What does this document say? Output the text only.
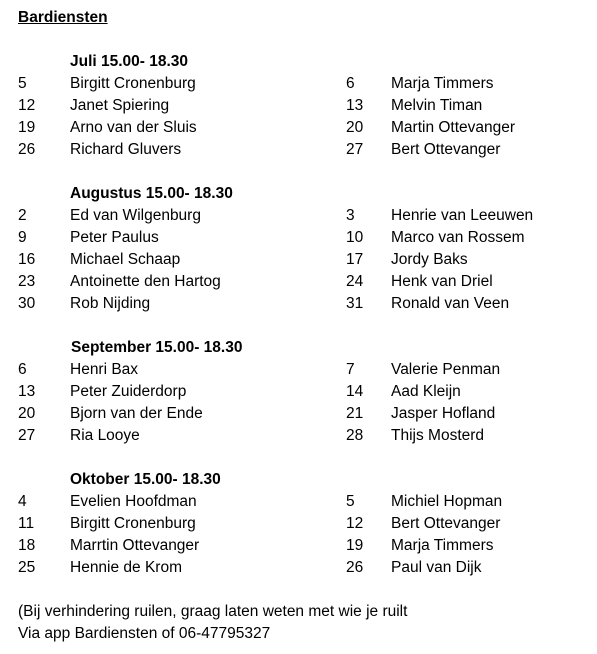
Bardiensten
Juli 15.00- 18.30
5	Birgitt Cronenburg	6 Marja Timmers
12 Janet Spiering	13 Melvin Timan
19 Arno van der Sluis	20 Martin Ottevanger
26 Richard Gluvers	27 Bert Ottevanger
Augustus 15.00- 18.30
2	Ed van Wilgenburg	3 Henrie van Leeuwen
9	Peter Paulus	10 Marco van Rossem
16 Michael Schaap	17 Jordy Baks
23 Antoinette den Hartog	24 Henk van Driel
30 Rob Nijding	31 Ronald van Veen
September 15.00- 18.30
6	Henri Bax	7 Valerie Penman
13 Peter Zuiderdorp	14 Aad Kleijn
20 Bjorn van der Ende	21 Jasper Hofland
27 Ria Looye	28 Thijs Mosterd
Oktober 15.00- 18.30
4	Evelien Hoofdman	5 Michiel Hopman
11 Birgitt Cronenburg	12 Bert Ottevanger
18 Marrtin Ottevanger	19 Marja Timmers
25 Hennie de Krom	26 Paul van Dijk
(Bij verhindering ruilen, graag laten weten met wie je ruilt
Via app Bardiensten of 06-47795327
